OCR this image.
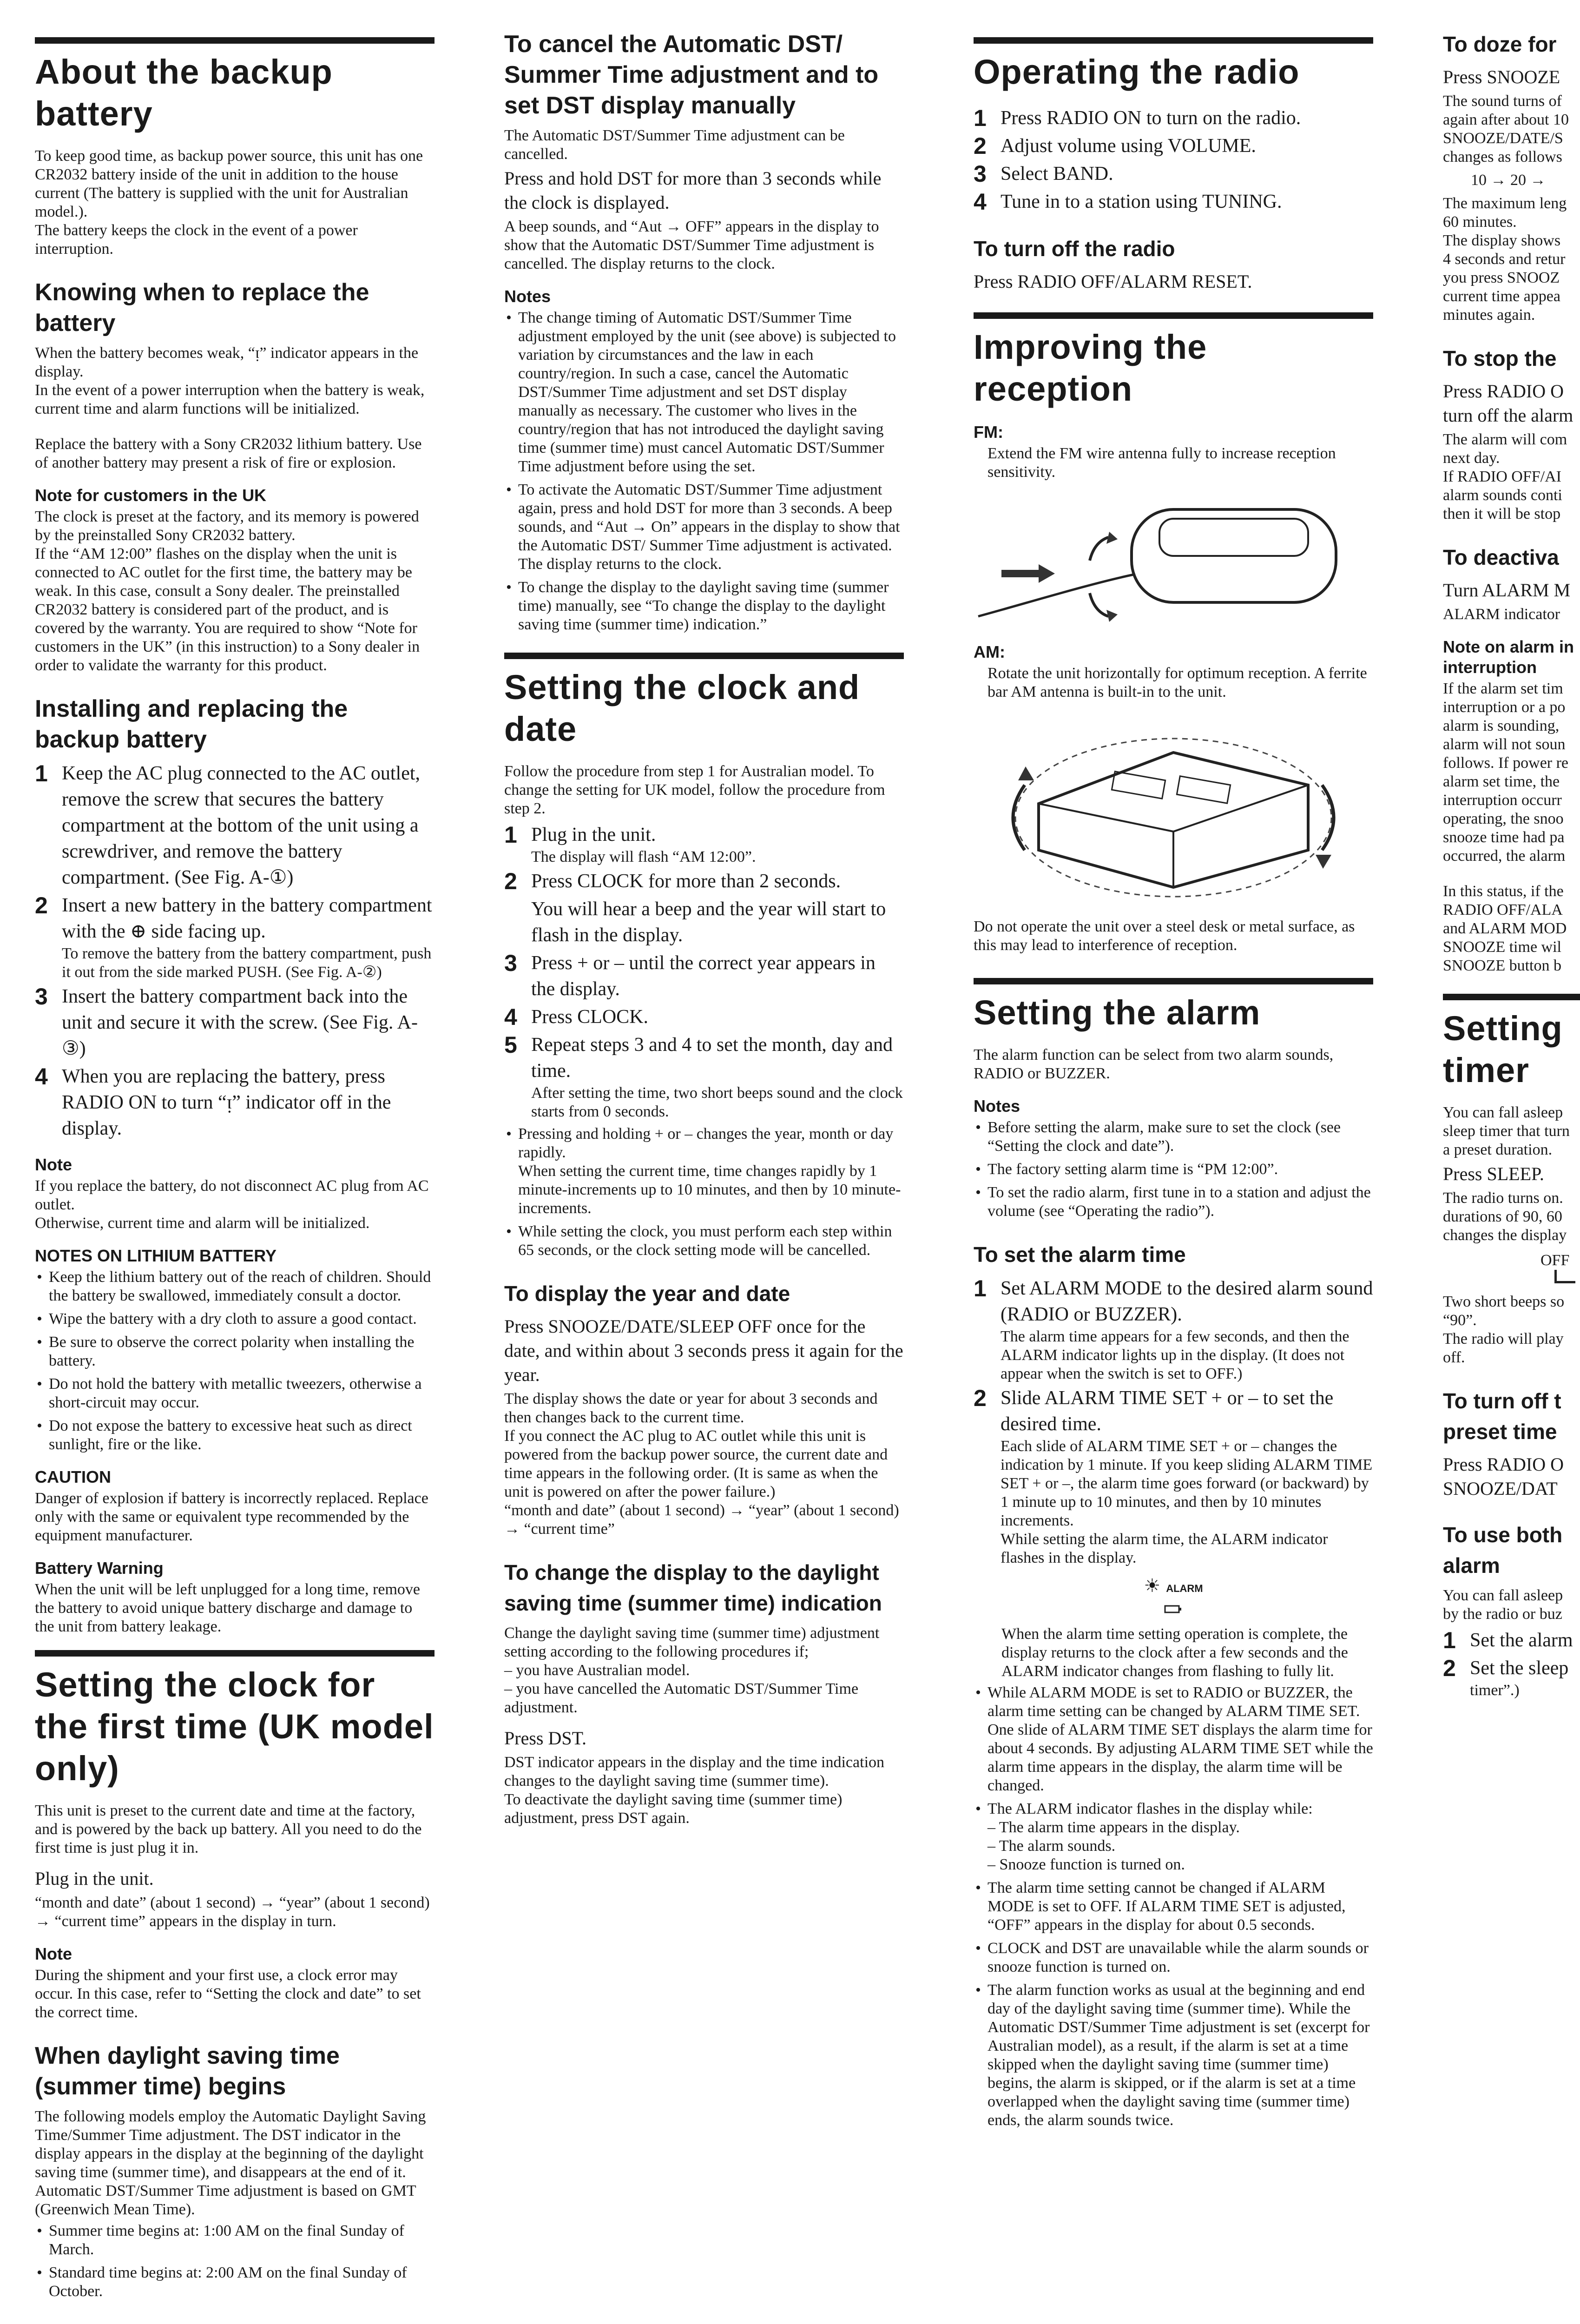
About the backup battery

To keep good time, as backup power source, this unit has one CR2032 battery inside of the unit in addition to the house current (The battery is supplied with the unit for Australian model.).
The battery keeps the clock in the event of a power interruption.

Knowing when to replace the battery

When the battery becomes weak, “ᴉ” indicator appears in the display.
In the event of a power interruption when the battery is weak, current time and alarm functions will be initialized.

Replace the battery with a Sony CR2032 lithium battery. Use of another battery may present a risk of fire or explosion.

Note for customers in the UK

The clock is preset at the factory, and its memory is powered by the preinstalled Sony CR2032 battery.
If the “AM 12:00” flashes on the display when the unit is connected to AC outlet for the first time, the battery may be weak. In this case, consult a Sony dealer. The preinstalled CR2032 battery is considered part of the product, and is covered by the warranty. You are required to show “Note for customers in the UK” (in this instruction) to a Sony dealer in order to validate the warranty for this product.

Installing and replacing the backup battery
1 Keep the AC plug connected to the AC outlet, remove the screw that secures the battery compartment at the bottom of the unit using a screwdriver, and remove the battery compartment. (See Fig. A-①)
2 Insert a new battery in the battery compartment with the ⊕ side facing up.
To remove the battery from the battery compartment, push it out from the side marked PUSH. (See Fig. A-②)
3 Insert the battery compartment back into the unit and secure it with the screw. (See Fig. A-③)
4 When you are replacing the battery, press RADIO ON to turn “ᴉ” indicator off in the display.
Note

If you replace the battery, do not disconnect AC plug from AC outlet.
Otherwise, current time and alarm will be initialized.

NOTES ON LITHIUM BATTERY
• Keep the lithium battery out of the reach of children. Should the battery be swallowed, immediately consult a doctor.
• Wipe the battery with a dry cloth to assure a good contact.
• Be sure to observe the correct polarity when installing the battery.
• Do not hold the battery with metallic tweezers, otherwise a short-circuit may occur.
• Do not expose the battery to excessive heat such as direct sunlight, fire or the like.
CAUTION

Danger of explosion if battery is incorrectly replaced. Replace only with the same or equivalent type recommended by the equipment manufacturer.

Battery Warning

When the unit will be left unplugged for a long time, remove the battery to avoid unique battery discharge and damage to the unit from battery leakage.

Setting the clock for the first time (UK model only)

This unit is preset to the current date and time at the factory, and is powered by the back up battery. All you need to do the first time is just plug it in.

Plug in the unit.

“month and date” (about 1 second) → “year” (about 1 second) → “current time” appears in the display in turn.

Note

During the shipment and your first use, a clock error may occur. In this case, refer to “Setting the clock and date” to set the correct time.

When daylight saving time (summer time) begins

The following models employ the Automatic Daylight Saving Time/Summer Time adjustment. The DST indicator in the display appears in the display at the beginning of the daylight saving time (summer time), and disappears at the end of it.
Automatic DST/Summer Time adjustment is based on GMT (Greenwich Mean Time).

• Summer time begins at: 1:00 AM on the final Sunday of March.
• Standard time begins at: 2:00 AM on the final Sunday of October.
To cancel the Automatic DST/ Summer Time adjustment and to set DST display manually

The Automatic DST/Summer Time adjustment can be cancelled.

Press and hold DST for more than 3 seconds while the clock is displayed.

A beep sounds, and “Aut → OFF” appears in the display to show that the Automatic DST/Summer Time adjustment is cancelled. The display returns to the clock.

Notes
• The change timing of Automatic DST/Summer Time adjustment employed by the unit (see above) is subjected to variation by circumstances and the law in each country/region. In such a case, cancel the Automatic DST/Summer Time adjustment and set DST display manually as necessary. The customer who lives in the country/region that has not introduced the daylight saving time (summer time) must cancel Automatic DST/Summer Time adjustment before using the set.
• To activate the Automatic DST/Summer Time adjustment again, press and hold DST for more than 3 seconds. A beep sounds, and “Aut → On” appears in the display to show that the Automatic DST/ Summer Time adjustment is activated. The display returns to the clock.
• To change the display to the daylight saving time (summer time) manually, see “To change the display to the daylight saving time (summer time) indication.”
Setting the clock and date

Follow the procedure from step 1 for Australian model. To change the setting for UK model, follow the procedure from step 2.

1 Plug in the unit.
The display will flash “AM 12:00”.
2 Press CLOCK for more than 2 seconds.
You will hear a beep and the year will start to flash in the display.
3 Press + or – until the correct year appears in the display.
4 Press CLOCK.
5 Repeat steps 3 and 4 to set the month, day and time.
After setting the time, two short beeps sound and the clock starts from 0 seconds.
• Pressing and holding + or – changes the year, month or day rapidly.
When setting the current time, time changes rapidly by 1 minute-increments up to 10 minutes, and then by 10 minute-increments.
• While setting the clock, you must perform each step within 65 seconds, or the clock setting mode will be cancelled.
To display the year and date

Press SNOOZE/DATE/SLEEP OFF once for the date, and within about 3 seconds press it again for the year.

The display shows the date or year for about 3 seconds and then changes back to the current time.
If you connect the AC plug to AC outlet while this unit is powered from the backup power source, the current date and time appears in the following order. (It is same as when the unit is powered on after the power failure.)
“month and date” (about 1 second) → “year” (about 1 second) → “current time”

To change the display to the daylight saving time (summer time) indication

Change the daylight saving time (summer time) adjustment setting according to the following procedures if;
– you have Australian model.
– you have cancelled the Automatic DST/Summer Time adjustment.

Press DST.

DST indicator appears in the display and the time indication changes to the daylight saving time (summer time).
To deactivate the daylight saving time (summer time) adjustment, press DST again.

Operating the radio
1 Press RADIO ON to turn on the radio.
2 Adjust volume using VOLUME.
3 Select BAND.
4 Tune in to a station using TUNING.
To turn off the radio

Press RADIO OFF/ALARM RESET.

Improving the reception
FM:

Extend the FM wire antenna fully to increase reception sensitivity.

AM:

Rotate the unit horizontally for optimum reception. A ferrite bar AM antenna is built-in to the unit.

Do not operate the unit over a steel desk or metal surface, as this may lead to interference of reception.

Setting the alarm

The alarm function can be select from two alarm sounds, RADIO or BUZZER.

Notes
• Before setting the alarm, make sure to set the clock (see “Setting the clock and date”).
• The factory setting alarm time is “PM 12:00”.
• To set the radio alarm, first tune in to a station and adjust the volume (see “Operating the radio”).
To set the alarm time
1 Set ALARM MODE to the desired alarm sound (RADIO or BUZZER).
The alarm time appears for a few seconds, and then the ALARM indicator lights up in the display. (It does not appear when the switch is set to OFF.)
2 Slide ALARM TIME SET + or – to set the desired time.
Each slide of ALARM TIME SET + or – changes the indication by 1 minute. If you keep sliding ALARM TIME SET + or –, the alarm time goes forward (or backward) by 1 minute up to 10 minutes, and then by 10 minutes increments.
While setting the alarm time, the ALARM indicator flashes in the display.
☀ ALARM

When the alarm time setting operation is complete, the display returns to the clock after a few seconds and the ALARM indicator changes from flashing to fully lit.

• While ALARM MODE is set to RADIO or BUZZER, the alarm time setting can be changed by ALARM TIME SET.
One slide of ALARM TIME SET displays the alarm time for about 4 seconds. By adjusting ALARM TIME SET while the alarm time appears in the display, the alarm time will be changed.
• The ALARM indicator flashes in the display while:
– The alarm time appears in the display.
– The alarm sounds.
– Snooze function is turned on.
• The alarm time setting cannot be changed if ALARM MODE is set to OFF. If ALARM TIME SET is adjusted, “OFF” appears in the display for about 0.5 seconds.
• CLOCK and DST are unavailable while the alarm sounds or snooze function is turned on.
• The alarm function works as usual at the beginning and end day of the daylight saving time (summer time). While the Automatic DST/Summer Time adjustment is set (excerpt for Australian model), as a result, if the alarm is set at a time skipped when the daylight saving time (summer time) begins, the alarm is skipped, or if the alarm is set at a time overlapped when the daylight saving time (summer time) ends, the alarm sounds twice.
To doze for

Press SNOOZE

The sound turns of
again after about 10
SNOOZE/DATE/S
changes as follows

10 → 20 →

The maximum leng
60 minutes.
The display shows
4 seconds and retur
you press SNOOZ
current time appea
minutes again.

To stop the

Press RADIO O
turn off the alarm

The alarm will com
next day.
If RADIO OFF/AI
alarm sounds conti
then it will be stop

To deactiva

Turn ALARM M

ALARM indicator

Note on alarm in
interruption

If the alarm set tim
interruption or a po
alarm is sounding,
alarm will not soun
follows. If power re
alarm set time, the
interruption occurr
operating, the snoo
snooze time had pa
occurred, the alarm

In this status, if the
RADIO OFF/ALA
and ALARM MOD
SNOOZE time wil
SNOOZE button b

Setting
timer

You can fall asleep
sleep timer that turn
a preset duration.

Press SLEEP.

The radio turns on.
durations of 90, 60
changes the display

OFF

Two short beeps so
“90”.
The radio will play
off.

To turn off t
preset time

Press RADIO O
SNOOZE/DAT

To use both
alarm

You can fall asleep
by the radio or buz

1 Set the alarm
2 Set the sleep
timer”.)
